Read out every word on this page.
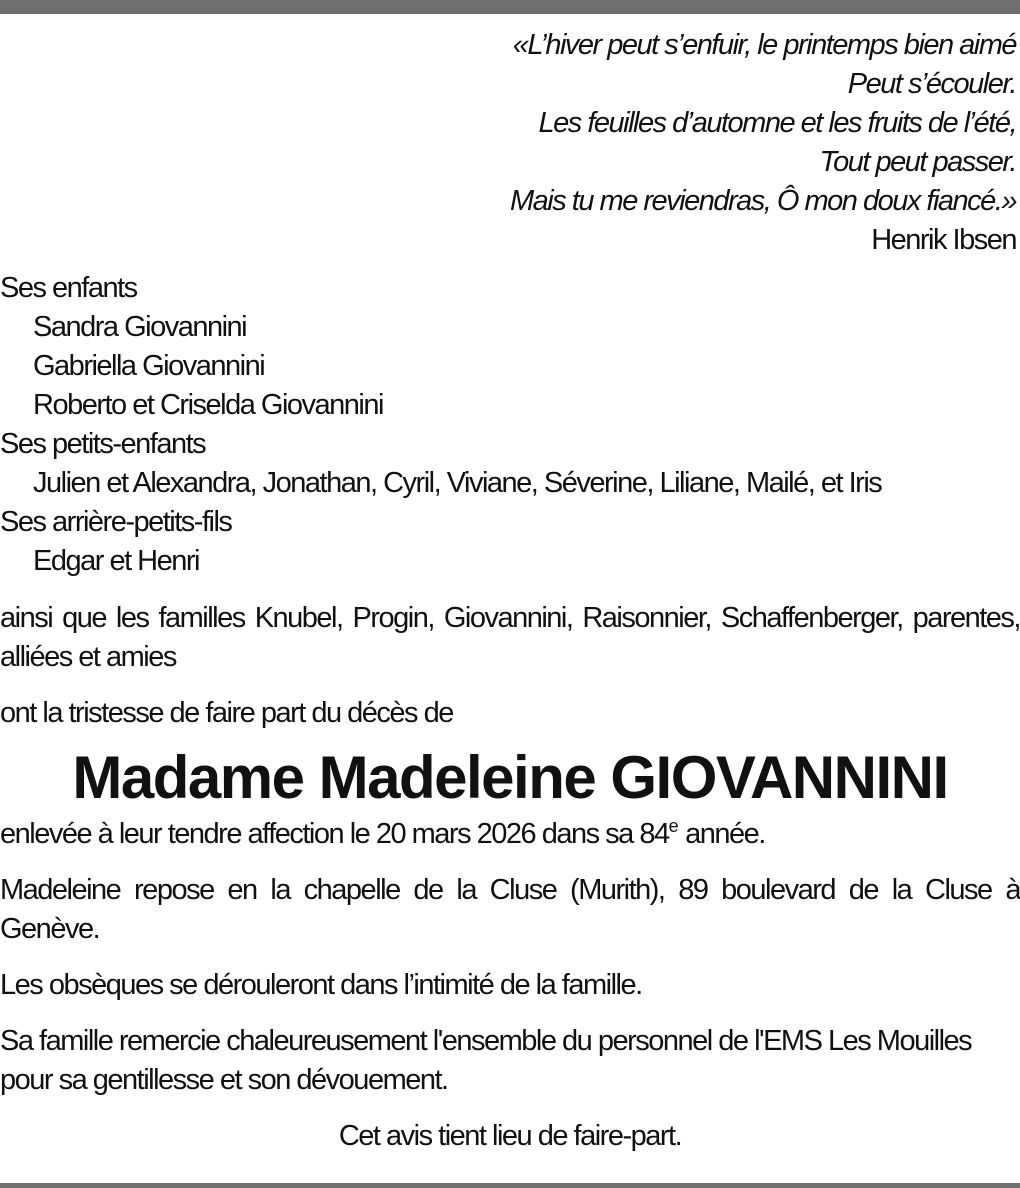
«L’hiver peut s’enfuir, le printemps bien aimé
Peut s’écouler.
Les feuilles d’automne et les fruits de l’été,
Tout peut passer.
Mais tu me reviendras, Ô mon doux fiancé.»
Henrik Ibsen
Ses enfants
Sandra Giovannini
Gabriella Giovannini
Roberto et Criselda Giovannini
Ses petits-enfants
Julien et Alexandra, Jonathan, Cyril, Viviane, Séverine, Liliane, Mailé, et Iris
Ses arrière-petits-fils
Edgar et Henri

ainsi que les familles Knubel, Progin, Giovannini, Raisonnier, Schaffenberger, parentes, alliées et amies

ont la tristesse de faire part du décès de

Madame Madeleine GIOVANNINI

enlevée à leur tendre affection le 20 mars 2026 dans sa 84e année.

Madeleine repose en la chapelle de la Cluse (Murith), 89 boulevard de la Cluse à Genève.

Les obsèques se dérouleront dans l’intimité de la famille.

Sa famille remercie chaleureusement l'ensemble du personnel de l'EMS Les Mouilles pour sa gentillesse et son dévouement.

Cet avis tient lieu de faire-part.
